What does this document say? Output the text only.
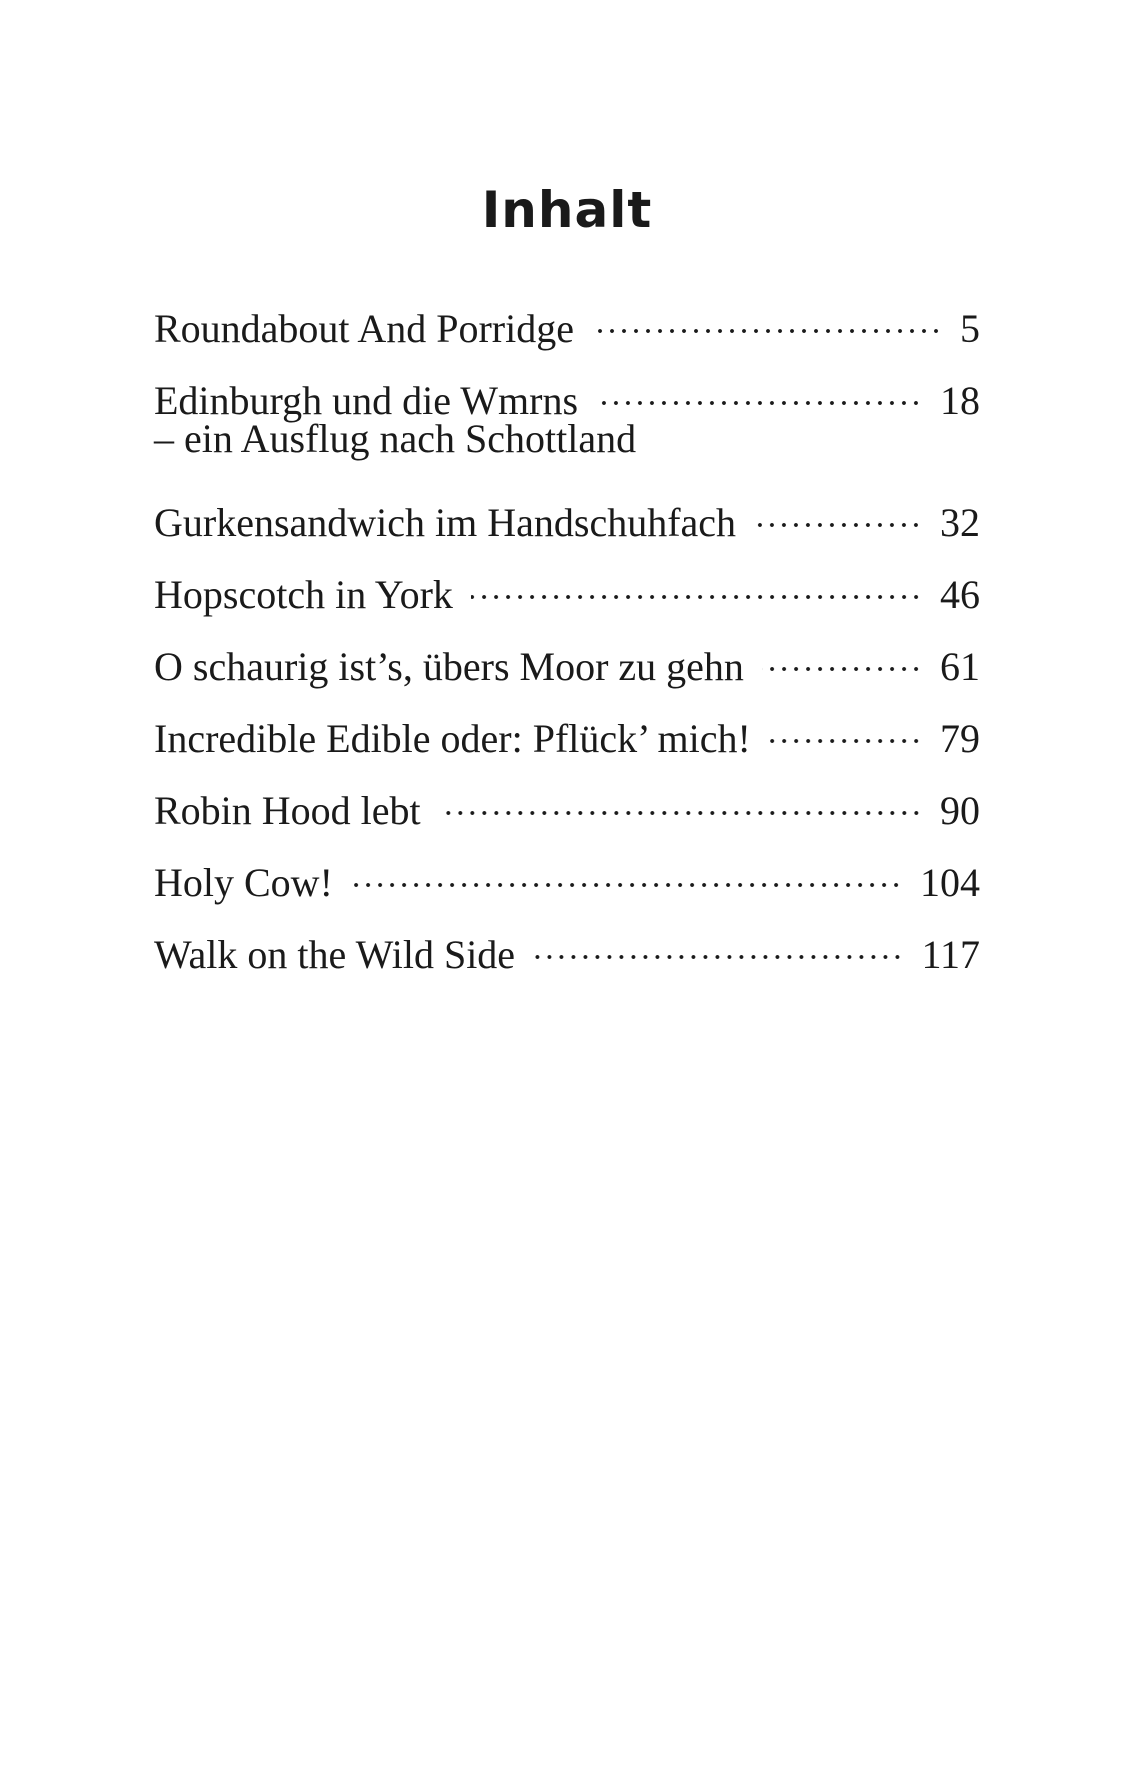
Inhalt
Roundabout And Porridge	5
Edinburgh und die Wmrns	18
– ein Ausflug nach Schottland
Gurkensandwich im Handschuhfach	32
Hopscotch in York	46
O schaurig ist’s, übers Moor zu gehn	61
Incredible Edible oder: Pflück’ mich!	79
Robin Hood lebt	90
Holy Cow!	104
Walk on the Wild Side	117
